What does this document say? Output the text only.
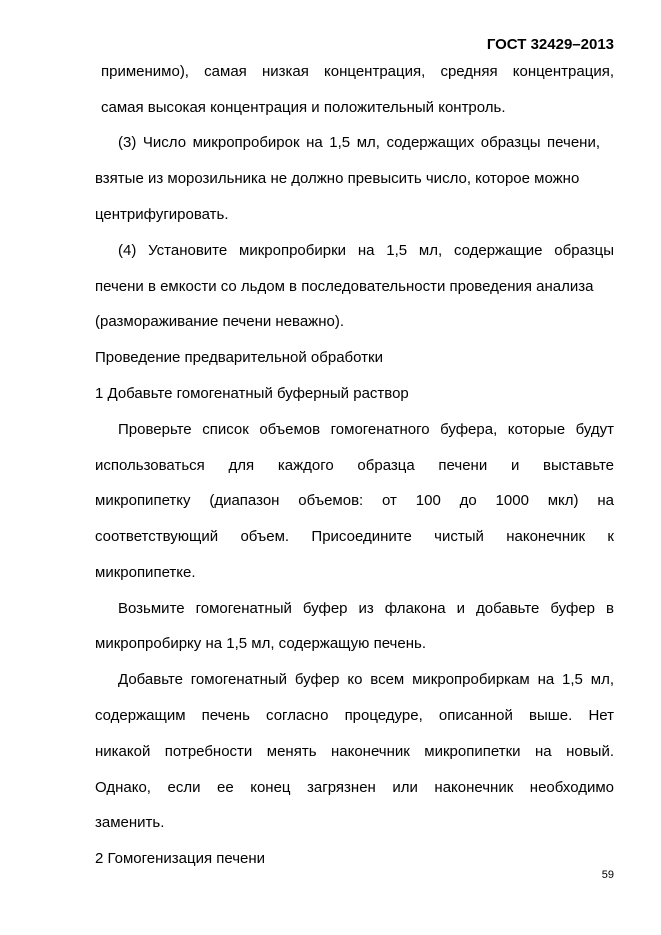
ГОСТ 32429–2013
применимо), самая низкая концентрация, средняя концентрация,
самая высокая концентрация и положительный контроль.
(3) Число микропробирок на 1,5 мл, содержащих образцы печени,
взятые из морозильника не должно превысить число, которое можно
центрифугировать.
(4) Установите микропробирки на 1,5 мл, содержащие образцы
печени в емкости со льдом в последовательности проведения анализа
(размораживание печени неважно).
Проведение предварительной обработки
1 Добавьте гомогенатный буферный раствор
Проверьте список объемов гомогенатного буфера, которые будут
использоваться для каждого образца печени и выставьте
микропипетку (диапазон объемов: от 100 до 1000 мкл) на
соответствующий объем. Присоедините чистый наконечник к
микропипетке.
Возьмите гомогенатный буфер из флакона и добавьте буфер в
микропробирку на 1,5 мл, содержащую печень.
Добавьте гомогенатный буфер ко всем микропробиркам на 1,5 мл,
содержащим печень согласно процедуре, описанной выше. Нет
никакой потребности менять наконечник микропипетки на новый.
Однако, если ее конец загрязнен или наконечник необходимо
заменить.
2 Гомогенизация печени
59
